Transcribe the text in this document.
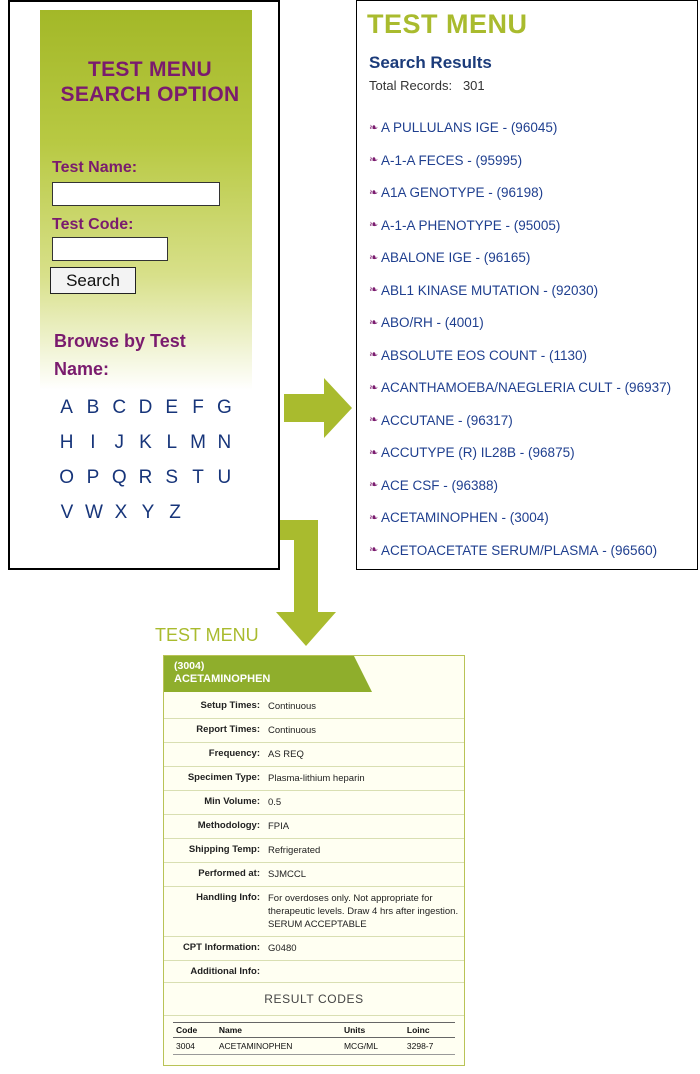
TEST MENU
SEARCH OPTION
Test Name:
Test Code:
Search
Browse by Test Name:
A B C D E F G
H I J K L M N
O P Q R S T U
V W X Y Z
TEST MENU
Search Results
Total Records: 301
❧ A PULLULANS IGE - (96045)
❧ A-1-A FECES - (95995)
❧ A1A GENOTYPE - (96198)
❧ A-1-A PHENOTYPE - (95005)
❧ ABALONE IGE - (96165)
❧ ABL1 KINASE MUTATION - (92030)
❧ ABO/RH - (4001)
❧ ABSOLUTE EOS COUNT - (1130)
❧ ACANTHAMOEBA/NAEGLERIA CULT - (96937)
❧ ACCUTANE - (96317)
❧ ACCUTYPE (R) IL28B - (96875)
❧ ACE CSF - (96388)
❧ ACETAMINOPHEN - (3004)
❧ ACETOACETATE SERUM/PLASMA - (96560)
TEST MENU
(3004)
ACETAMINOPHEN
Setup Times:	Continuous
Report Times:	Continuous
Frequency:	AS REQ
Specimen Type:	Plasma-lithium heparin
Min Volume:	0.5
Methodology:	FPIA
Shipping Temp:	Refrigerated
Performed at:	SJMCCL
Handling Info:	For overdoses only. Not appropriate for therapeutic levels. Draw 4 hrs after ingestion. SERUM ACCEPTABLE
CPT Information:	G0480
Additional Info:	
RESULT CODES
Code	Name	Units	Loinc
3004	ACETAMINOPHEN	MCG/ML	3298-7
